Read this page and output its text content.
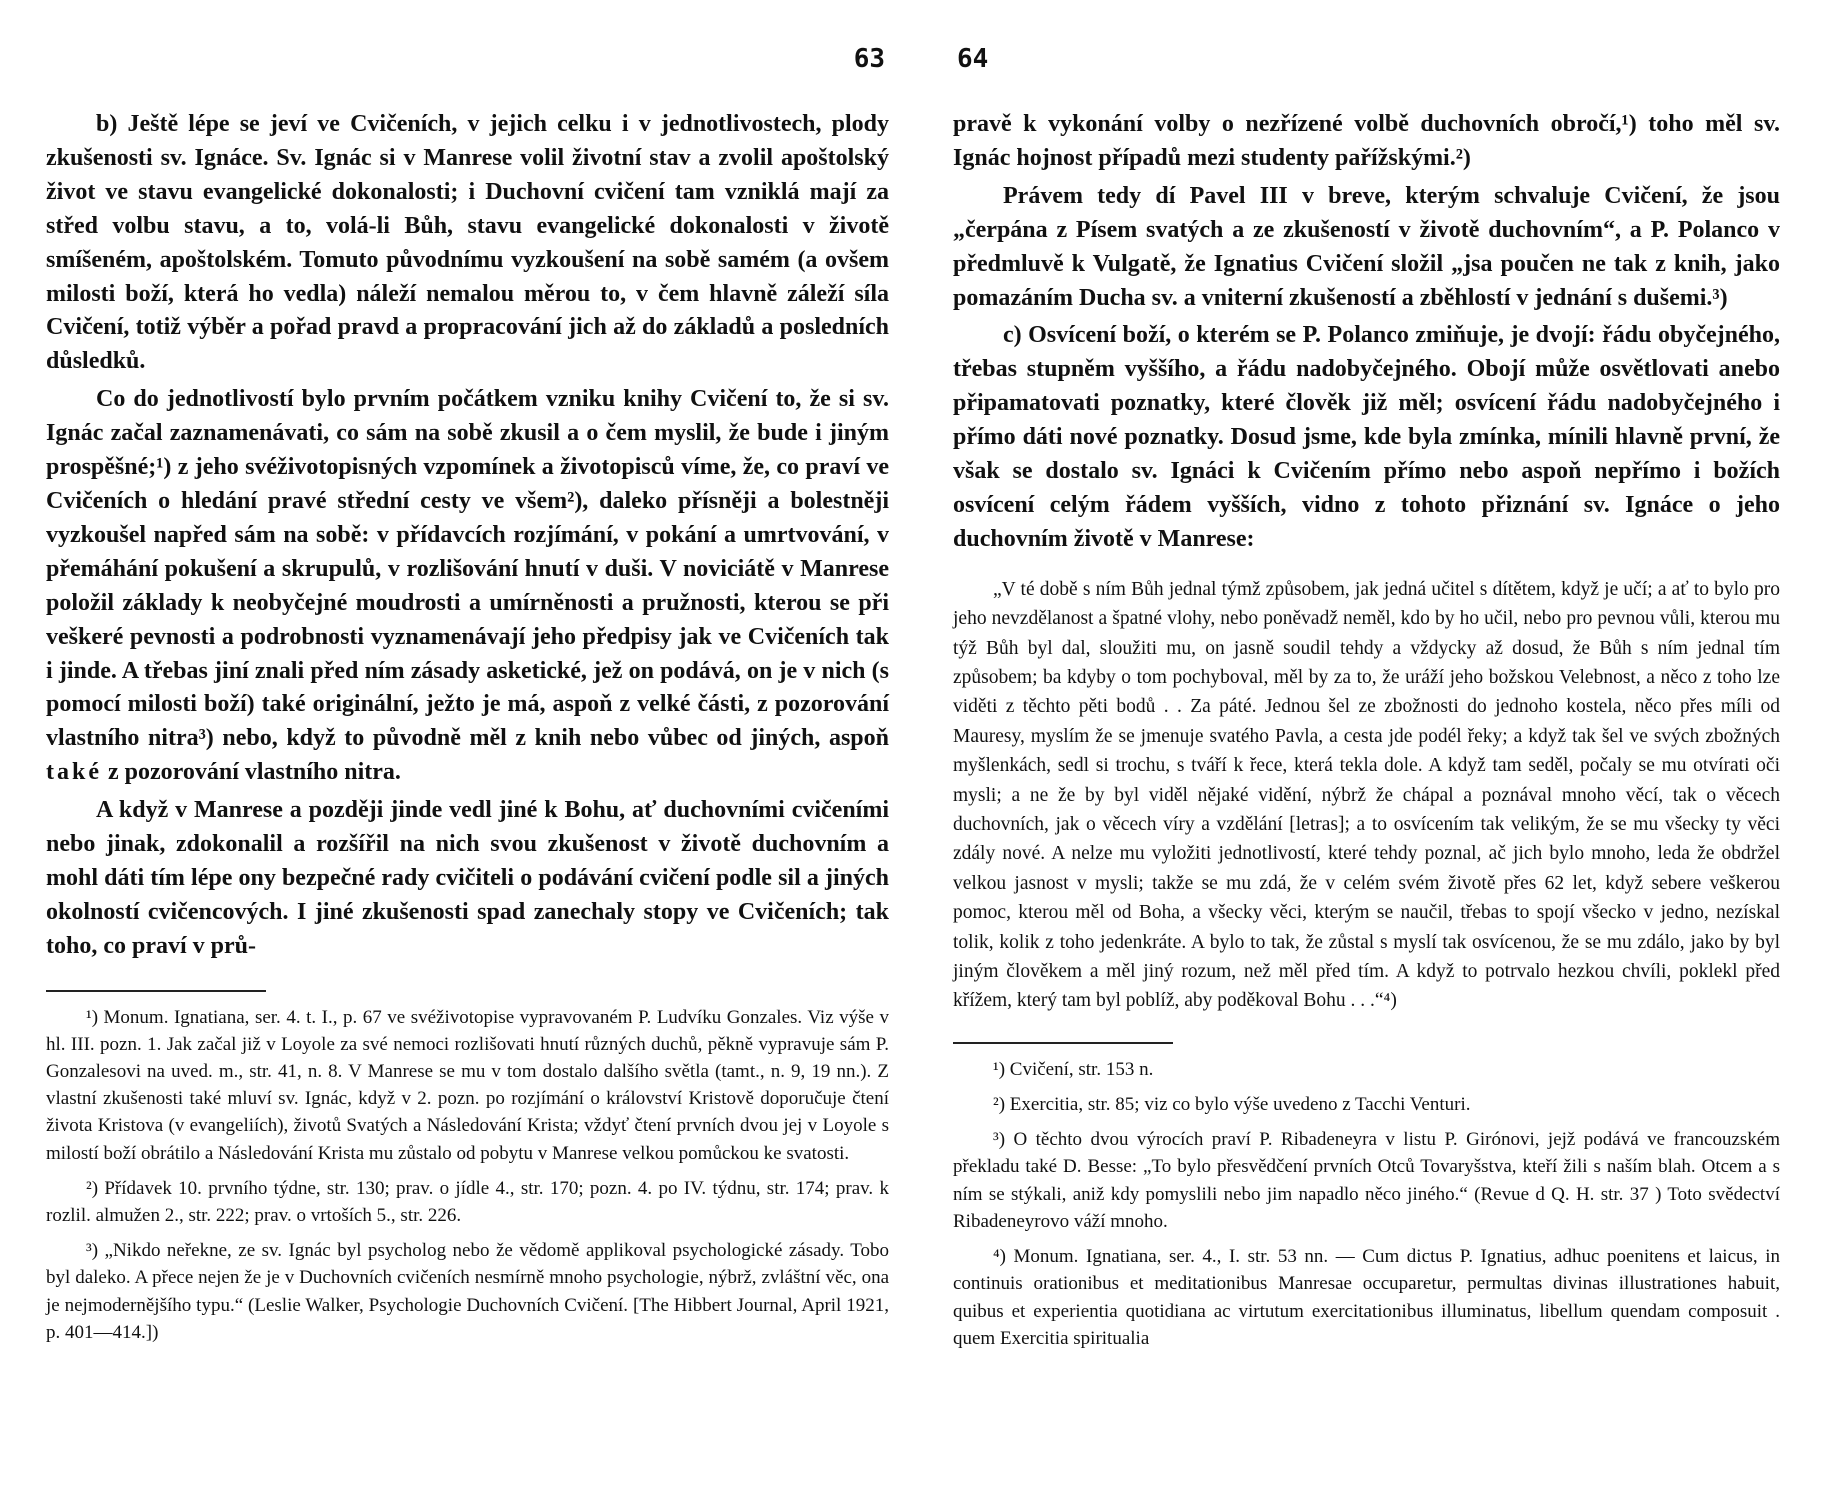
63

b) Ještě lépe se jeví ve Cvičeních, v jejich celku i v jednotlivostech, plody zkušenosti sv. Ignáce. Sv. Ignác si v Manrese volil životní stav a zvolil apoštolský život ve stavu evangelické dokonalosti; i Duchovní cvičení tam vzniklá mají za střed volbu stavu, a to, volá-li Bůh, stavu evangelické dokonalosti v životě smíšeném, apoštolském. Tomuto původnímu vyzkoušení na sobě samém (a ovšem milosti boží, která ho vedla) náleží nemalou měrou to, v čem hlavně záleží síla Cvičení, totiž výběr a pořad pravd a propracování jich až do základů a posledních důsledků.

Co do jednotlivostí bylo prvním počátkem vzniku knihy Cvičení to, že si sv. Ignác začal zaznamenávati, co sám na sobě zkusil a o čem myslil, že bude i jiným prospěšné;¹) z jeho svéživotopisných vzpomínek a životopisců víme, že, co praví ve Cvičeních o hledání pravé střední cesty ve všem²), daleko přísněji a bolestněji vyzkoušel napřed sám na sobě: v přídavcích rozjímání, v pokání a umrtvování, v přemáhání pokušení a skrupulů, v rozlišování hnutí v duši. V noviciátě v Manrese položil základy k neobyčejné moudrosti a umírněnosti a pružnosti, kterou se při veškeré pevnosti a podrobnosti vyznamenávají jeho předpisy jak ve Cvičeních tak i jinde. A třebas jiní znali před ním zásady asketické, jež on podává, on je v nich (s pomocí milosti boží) také originální, ježto je má, aspoň z velké části, z pozorování vlastního nitra³) nebo, když to původně měl z knih nebo vůbec od jiných, aspoň také z pozorování vlastního nitra.

A když v Manrese a později jinde vedl jiné k Bohu, ať duchovními cvičeními nebo jinak, zdokonalil a rozšířil na nich svou zkušenost v životě duchovním a mohl dáti tím lépe ony bezpečné rady cvičiteli o podávání cvičení podle sil a jiných okolností cvičencových. I jiné zkušenosti spad zanechaly stopy ve Cvičeních; tak toho, co praví v prů-

¹) Monum. Ignatiana, ser. 4. t. I., p. 67 ve svéživotopise vypravovaném P. Ludvíku Gonzales. Viz výše v hl. III. pozn. 1. Jak začal již v Loyole za své nemoci rozlišovati hnutí různých duchů, pěkně vypravuje sám P. Gonzalesovi na uved. m., str. 41, n. 8. V Manrese se mu v tom dostalo dalšího světla (tamt., n. 9, 19 nn.). Z vlastní zkušenosti také mluví sv. Ignác, když v 2. pozn. po rozjímání o království Kristově doporučuje čtení života Kristova (v evangeliích), životů Svatých a Následování Krista; vždyť čtení prvních dvou jej v Loyole s milostí boží obrátilo a Následování Krista mu zůstalo od pobytu v Manrese velkou pomůckou ke svatosti.

²) Přídavek 10. prvního týdne, str. 130; prav. o jídle 4., str. 170; pozn. 4. po IV. týdnu, str. 174; prav. k rozlil. almužen 2., str. 222; prav. o vrtoších 5., str. 226.

³) „Nikdo neřekne, ze sv. Ignác byl psycholog nebo že vědomě applikoval psychologické zásady. Tobo byl daleko. A přece nejen že je v Duchovních cvičeních nesmírně mnoho psychologie, nýbrž, zvláštní věc, ona je nejmodernějšího typu.“ (Leslie Walker, Psychologie Duchovních Cvičení. [The Hibbert Journal, April 1921, p. 401—414.])

64

pravě k vykonání volby o nezřízené volbě duchovních obročí,¹) toho měl sv. Ignác hojnost případů mezi studenty pařížskými.²)

Právem tedy dí Pavel III v breve, kterým schvaluje Cvičení, že jsou „čerpána z Písem svatých a ze zkušeností v životě duchovním“, a P. Polanco v předmluvě k Vulgatě, že Ignatius Cvičení složil „jsa poučen ne tak z knih, jako pomazáním Ducha sv. a vniterní zkušeností a zběhlostí v jednání s dušemi.³)

c) Osvícení boží, o kterém se P. Polanco zmiňuje, je dvojí: řádu obyčejného, třebas stupněm vyššího, a řádu nadobyčejného. Obojí může osvětlovati anebo připamatovati poznatky, které člověk již měl; osvícení řádu nadobyčejného i přímo dáti nové poznatky. Dosud jsme, kde byla zmínka, mínili hlavně první, že však se dostalo sv. Ignáci k Cvičením přímo nebo aspoň nepřímo i božích osvícení celým řádem vyšších, vidno z tohoto přiznání sv. Ignáce o jeho duchovním životě v Manrese:

„V té době s ním Bůh jednal týmž způsobem, jak jedná učitel s dítětem, když je učí; a ať to bylo pro jeho nevzdělanost a špatné vlohy, nebo poněvadž neměl, kdo by ho učil, nebo pro pevnou vůli, kterou mu týž Bůh byl dal, sloužiti mu, on jasně soudil tehdy a vždycky až dosud, že Bůh s ním jednal tím způsobem; ba kdyby o tom pochyboval, měl by za to, že uráží jeho božskou Velebnost, a něco z toho lze viděti z těchto pěti bodů . . Za páté. Jednou šel ze zbožnosti do jednoho kostela, něco přes míli od Mauresy, myslím že se jmenuje svatého Pavla, a cesta jde podél řeky; a když tak šel ve svých zbožných myšlenkách, sedl si trochu, s tváří k řece, která tekla dole. A když tam seděl, počaly se mu otvírati oči mysli; a ne že by byl viděl nějaké vidění, nýbrž že chápal a poznával mnoho věcí, tak o věcech duchovních, jak o věcech víry a vzdělání [letras]; a to osvícením tak velikým, že se mu všecky ty věci zdály nové. A nelze mu vyložiti jednotlivostí, které tehdy poznal, ač jich bylo mnoho, leda že obdržel velkou jasnost v mysli; takže se mu zdá, že v celém svém životě přes 62 let, když sebere veškerou pomoc, kterou měl od Boha, a všecky věci, kterým se naučil, třebas to spojí všecko v jedno, nezískal tolik, kolik z toho jedenkráte. A bylo to tak, že zůstal s myslí tak osvícenou, že se mu zdálo, jako by byl jiným člověkem a měl jiný rozum, než měl před tím. A když to potrvalo hezkou chvíli, poklekl před křížem, který tam byl poblíž, aby poděkoval Bohu . . .“⁴)

¹) Cvičení, str. 153 n.

²) Exercitia, str. 85; viz co bylo výše uvedeno z Tacchi Venturi.

³) O těchto dvou výrocích praví P. Ribadeneyra v listu P. Girónovi, jejž podává ve francouzském překladu také D. Besse: „To bylo přesvědčení prvních Otců Tovaryšstva, kteří žili s naším blah. Otcem a s ním se stýkali, aniž kdy pomyslili nebo jim napadlo něco jiného.“ (Revue d Q. H. str. 37 ) Toto svědectví Ribadeneyrovo váží mnoho.

⁴) Monum. Ignatiana, ser. 4., I. str. 53 nn. — Cum dictus P. Ignatius, adhuc poenitens et laicus, in continuis orationibus et meditationibus Manresae occuparetur, permultas divinas illustrationes habuit, quibus et experientia quotidiana ac virtutum exercitationibus illuminatus, libellum quendam composuit . quem Exercitia spiritualia
